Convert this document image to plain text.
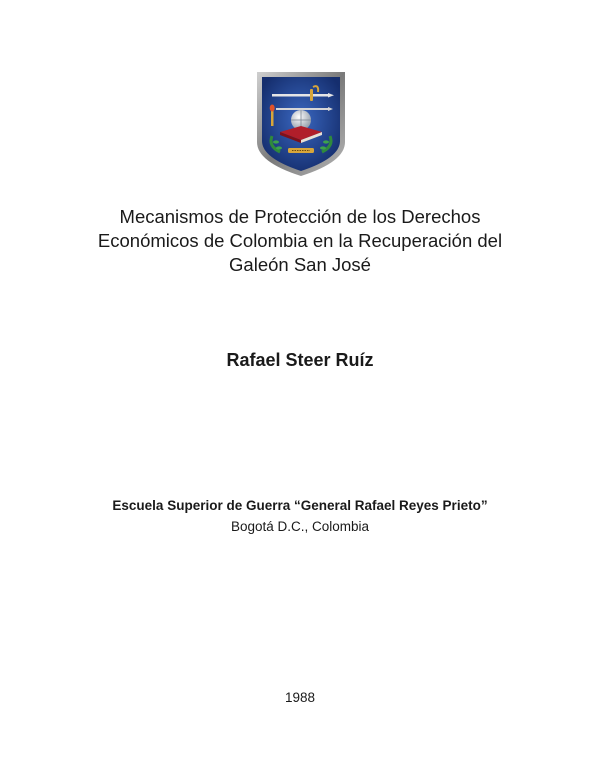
Mecanismos de Protección de los Derechos
Económicos de Colombia en la Recuperación del
Galeón San José

Rafael Steer Ruíz

Escuela Superior de Guerra “General Rafael Reyes Prieto”

Bogotá D.C., Colombia

1988
